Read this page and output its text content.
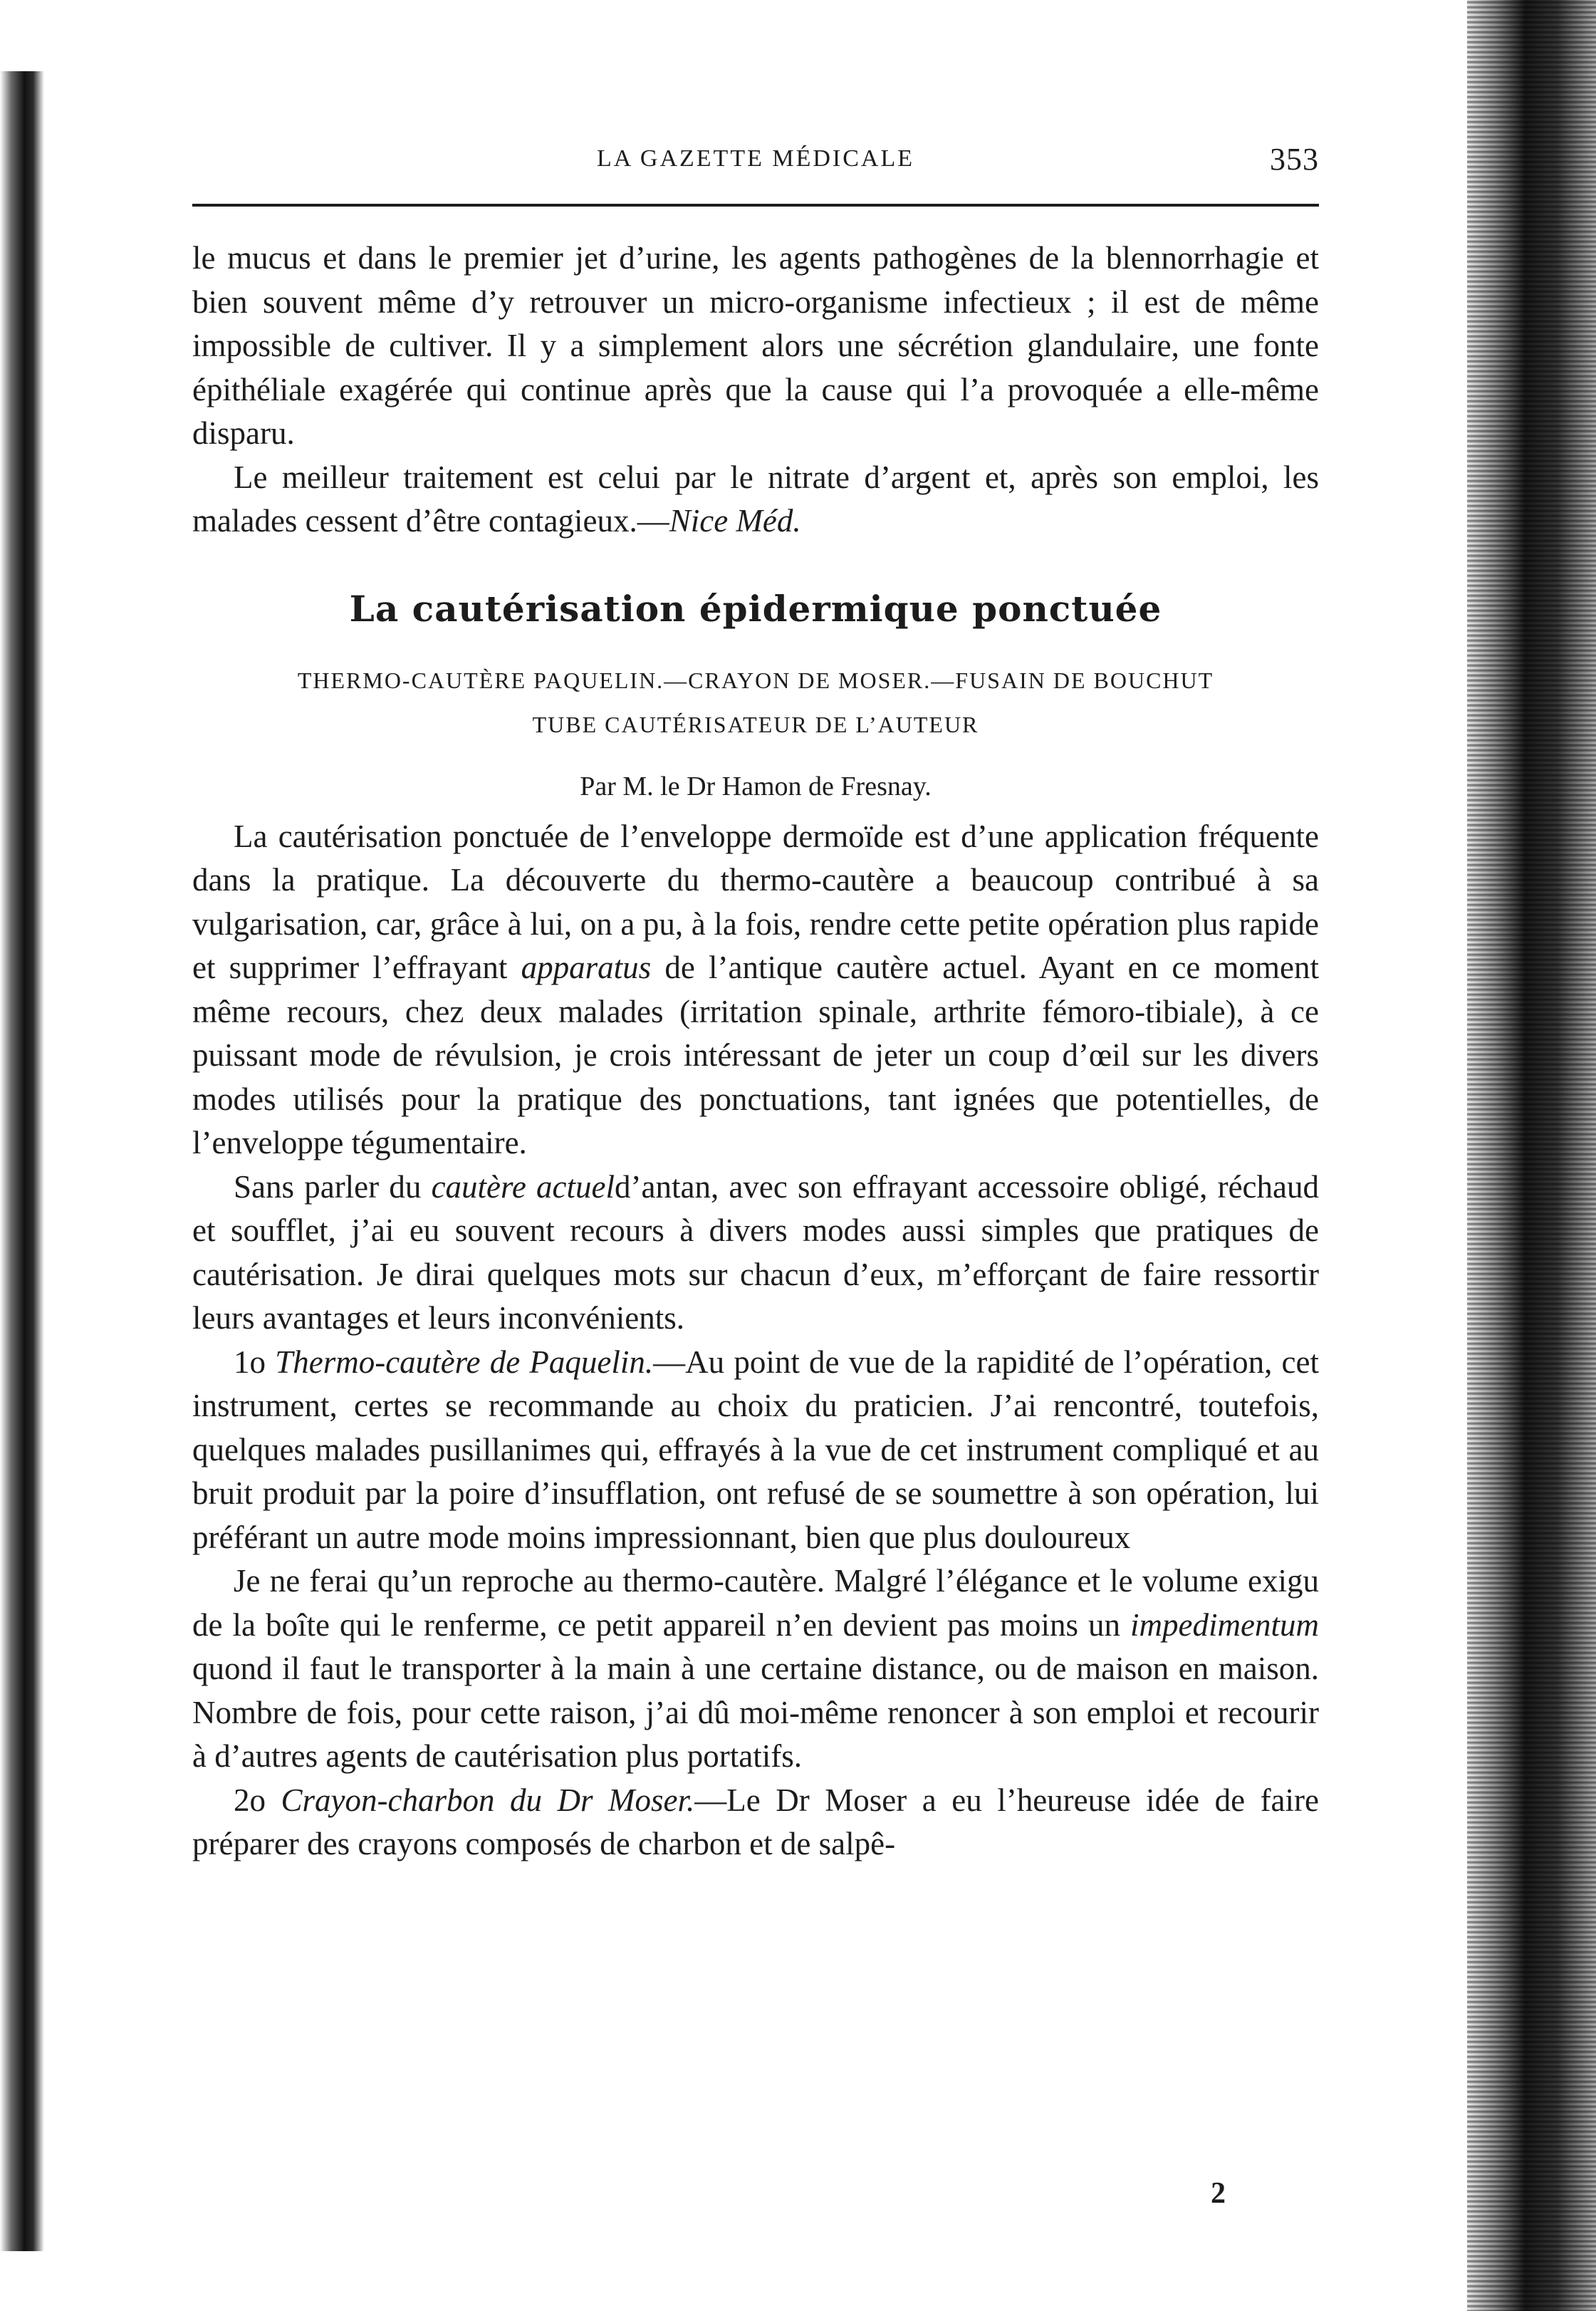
LA GAZETTE MÉDICALE	353

le mucus et dans le premier jet d’urine, les agents pathogènes de la blennorrhagie et bien souvent même d’y retrouver un micro-organisme infectieux ; il est de même impossible de cultiver. Il y a simplement alors une sécrétion glandulaire, une fonte épithéliale exagérée qui continue après que la cause qui l’a provoquée a elle-même disparu.

Le meilleur traitement est celui par le nitrate d’argent et, après son emploi, les malades cessent d’être contagieux.—Nice Méd.

La cautérisation épidermique ponctuée

THERMO-CAUTÈRE PAQUELIN.—CRAYON DE MOSER.—FUSAIN DE BOUCHUT

TUBE CAUTÉRISATEUR DE L’AUTEUR

Par M. le Dr Hamon de Fresnay.

La cautérisation ponctuée de l’enveloppe dermoïde est d’une application fréquente dans la pratique. La découverte du thermo-cautère a beaucoup contribué à sa vulgarisation, car, grâce à lui, on a pu, à la fois, rendre cette petite opération plus rapide et supprimer l’effrayant apparatus de l’antique cautère actuel. Ayant en ce moment même recours, chez deux malades (irritation spinale, arthrite fémoro-tibiale), à ce puissant mode de révulsion, je crois intéressant de jeter un coup d’œil sur les divers modes utilisés pour la pratique des ponctuations, tant ignées que potentielles, de l’enveloppe tégumentaire.

Sans parler du cautère actueld’antan, avec son effrayant accessoire obligé, réchaud et soufflet, j’ai eu souvent recours à divers modes aussi simples que pratiques de cautérisation. Je dirai quelques mots sur chacun d’eux, m’efforçant de faire ressortir leurs avantages et leurs inconvénients.

1o Thermo-cautère de Paquelin.—Au point de vue de la rapidité de l’opération, cet instrument, certes se recommande au choix du praticien. J’ai rencontré, toutefois, quelques malades pusillanimes qui, effrayés à la vue de cet instrument compliqué et au bruit produit par la poire d’insufflation, ont refusé de se soumettre à son opération, lui préférant un autre mode moins impressionnant, bien que plus douloureux

Je ne ferai qu’un reproche au thermo-cautère. Malgré l’élégance et le volume exigu de la boîte qui le renferme, ce petit appareil n’en devient pas moins un impedimentum quond il faut le transporter à la main à une certaine distance, ou de maison en maison. Nombre de fois, pour cette raison, j’ai dû moi-même renoncer à son emploi et recourir à d’autres agents de cautérisation plus portatifs.

2o Crayon-charbon du Dr Moser.—Le Dr Moser a eu l’heureuse idée de faire préparer des crayons composés de charbon et de salpê-

2
